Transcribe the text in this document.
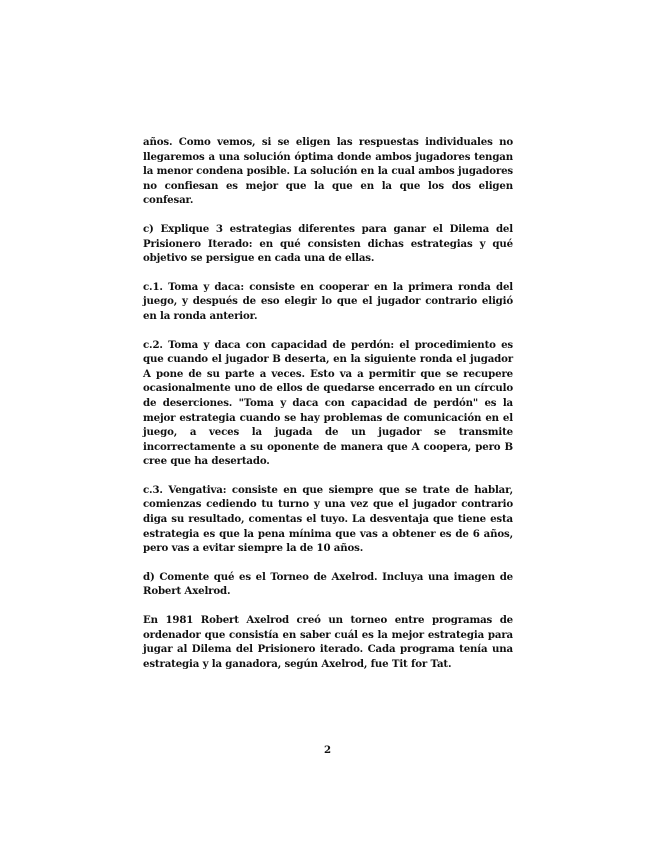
años. Como vemos, si se eligen las respuestas individuales no llegaremos a una solución óptima donde ambos jugadores tengan la menor condena posible. La solución en la cual ambos jugadores no confiesan es mejor que la que en la que los dos eligen confesar.

c) Explique 3 estrategias diferentes para ganar el Dilema del Prisionero Iterado: en qué consisten dichas estrategias y qué objetivo se persigue en cada una de ellas.

c.1. Toma y daca: consiste en cooperar en la primera ronda del juego, y después de eso elegir lo que el jugador contrario eligió en la ronda anterior.

c.2. Toma y daca con capacidad de perdón: el procedimiento es que cuando el jugador B deserta, en la siguiente ronda el jugador A pone de su parte a veces. Esto va a permitir que se recupere ocasionalmente uno de ellos de quedarse encerrado en un círculo de deserciones. "Toma y daca con capacidad de perdón" es la mejor estrategia cuando se hay problemas de comunicación en el juego, a veces la jugada de un jugador se transmite incorrectamente a su oponente de manera que A coopera, pero B cree que ha desertado.

c.3. Vengativa: consiste en que siempre que se trate de hablar, comienzas cediendo tu turno y una vez que el jugador contrario diga su resultado, comentas el tuyo. La desventaja que tiene esta estrategia es que la pena mínima que vas a obtener es de 6 años, pero vas a evitar siempre la de 10 años.

d) Comente qué es el Torneo de Axelrod. Incluya una imagen de Robert Axelrod.

En 1981 Robert Axelrod creó un torneo entre programas de ordenador que consistía en saber cuál es la mejor estrategia para jugar al Dilema del Prisionero iterado. Cada programa tenía una estrategia y la ganadora, según Axelrod, fue Tit for Tat.

2
